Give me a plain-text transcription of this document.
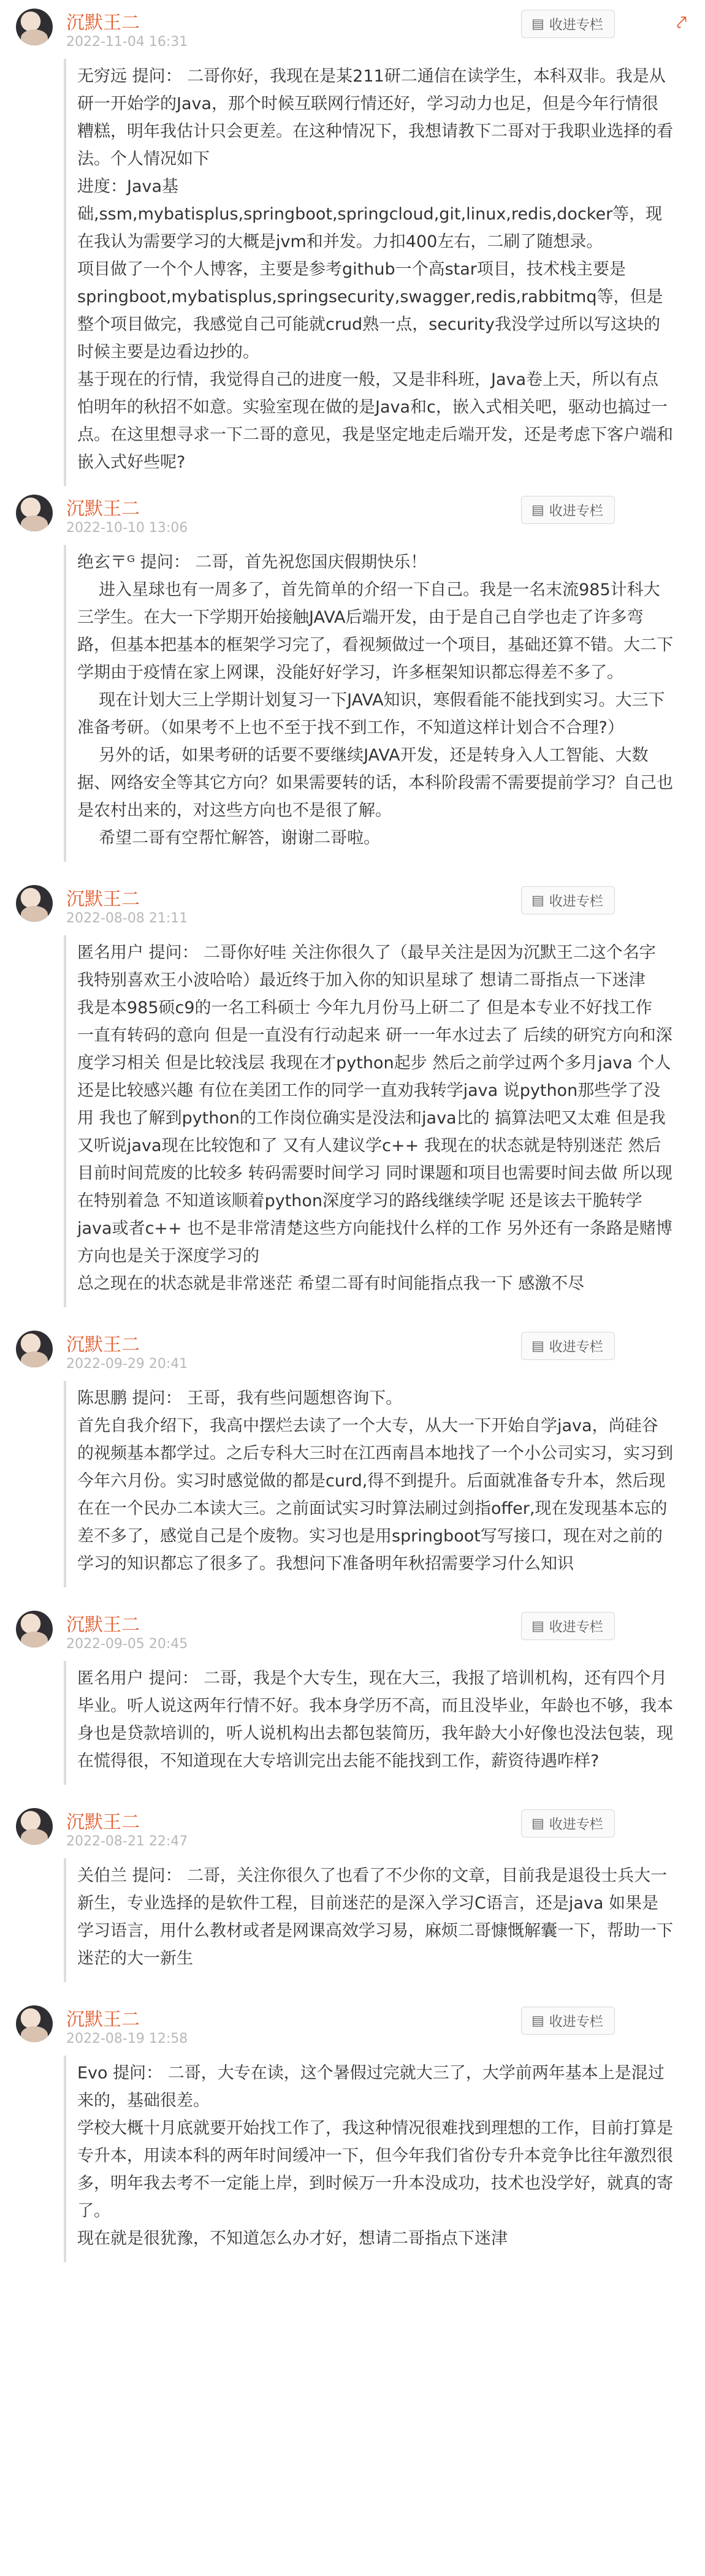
沉默王二
2022-11-04 16:31
▤ 收进专栏	⤤

无穷远 提问： 二哥你好，我现在是某211研二通信在读学生，本科双非。我是从研一开始学的Java，那个时候互联网行情还好，学习动力也足，但是今年行情很糟糕，明年我估计只会更差。在这种情况下，我想请教下二哥对于我职业选择的看法。个人情况如下

进度：Java基础,ssm,mybatisplus,springboot,springcloud,git,linux,redis,docker等，现在我认为需要学习的大概是jvm和并发。力扣400左右，二刷了随想录。

项目做了一个个人博客，主要是参考github一个高star项目，技术栈主要是springboot,mybatisplus,springsecurity,swagger,redis,rabbitmq等，但是整个项目做完，我感觉自己可能就crud熟一点，security我没学过所以写这块的时候主要是边看边抄的。

基于现在的行情，我觉得自己的进度一般，又是非科班，Java卷上天，所以有点怕明年的秋招不如意。实验室现在做的是Java和c，嵌入式相关吧，驱动也搞过一点。在这里想寻求一下二哥的意见，我是坚定地走后端开发，还是考虑下客户端和嵌入式好些呢?

沉默王二
2022-10-10 13:06
▤ 收进专栏

绝玄〒ᴳ 提问： 二哥，首先祝您国庆假期快乐！

进入星球也有一周多了，首先简单的介绍一下自己。我是一名末流985计科大三学生。在大一下学期开始接触JAVA后端开发，由于是自己自学也走了许多弯路，但基本把基本的框架学习完了，看视频做过一个项目，基础还算不错。大二下学期由于疫情在家上网课，没能好好学习，许多框架知识都忘得差不多了。

现在计划大三上学期计划复习一下JAVA知识，寒假看能不能找到实习。大三下准备考研。（如果考不上也不至于找不到工作，不知道这样计划合不合理?）

另外的话，如果考研的话要不要继续JAVA开发，还是转身入人工智能、大数据、网络安全等其它方向？如果需要转的话，本科阶段需不需要提前学习？自己也是农村出来的，对这些方向也不是很了解。

希望二哥有空帮忙解答，谢谢二哥啦。

沉默王二
2022-08-08 21:11
▤ 收进专栏

匿名用户 提问： 二哥你好哇 关注你很久了（最早关注是因为沉默王二这个名字 我特别喜欢王小波哈哈）最近终于加入你的知识星球了 想请二哥指点一下迷津

我是本985硕c9的一名工科硕士 今年九月份马上研二了 但是本专业不好找工作 一直有转码的意向 但是一直没有行动起来 研一一年水过去了 后续的研究方向和深度学习相关 但是比较浅层 我现在才python起步 然后之前学过两个多月java 个人还是比较感兴趣 有位在美团工作的同学一直劝我转学java 说python那些学了没用 我也了解到python的工作岗位确实是没法和java比的 搞算法吧又太难 但是我又听说java现在比较饱和了 又有人建议学c++ 我现在的状态就是特别迷茫 然后目前时间荒废的比较多 转码需要时间学习 同时课题和项目也需要时间去做 所以现在特别着急 不知道该顺着python深度学习的路线继续学呢 还是该去干脆转学java或者c++ 也不是非常清楚这些方向能找什么样的工作 另外还有一条路是赌博 方向也是关于深度学习的

总之现在的状态就是非常迷茫 希望二哥有时间能指点我一下 感激不尽

沉默王二
2022-09-29 20:41
▤ 收进专栏

陈思鹏 提问： 王哥，我有些问题想咨询下。

首先自我介绍下，我高中摆烂去读了一个大专，从大一下开始自学java，尚硅谷的视频基本都学过。之后专科大三时在江西南昌本地找了一个小公司实习，实习到今年六月份。实习时感觉做的都是curd,得不到提升。后面就准备专升本，然后现在在一个民办二本读大三。之前面试实习时算法刷过剑指offer,现在发现基本忘的差不多了，感觉自己是个废物。实习也是用springboot写写接口，现在对之前的学习的知识都忘了很多了。我想问下准备明年秋招需要学习什么知识

沉默王二
2022-09-05 20:45
▤ 收进专栏

匿名用户 提问： 二哥，我是个大专生，现在大三，我报了培训机构，还有四个月毕业。听人说这两年行情不好。我本身学历不高，而且没毕业，年龄也不够，我本身也是贷款培训的，听人说机构出去都包装简历，我年龄大小好像也没法包装，现在慌得很，不知道现在大专培训完出去能不能找到工作，薪资待遇咋样?

沉默王二
2022-08-21 22:47
▤ 收进专栏

关伯兰 提问： 二哥，关注你很久了也看了不少你的文章，目前我是退役士兵大一新生，专业选择的是软件工程，目前迷茫的是深入学习C语言，还是java 如果是学习语言，用什么教材或者是网课高效学习易，麻烦二哥慷慨解囊一下，帮助一下迷茫的大一新生

沉默王二
2022-08-19 12:58
▤ 收进专栏

Evo 提问： 二哥，大专在读，这个暑假过完就大三了，大学前两年基本上是混过来的，基础很差。

学校大概十月底就要开始找工作了，我这种情况很难找到理想的工作，目前打算是专升本，用读本科的两年时间缓冲一下，但今年我们省份专升本竞争比往年激烈很多，明年我去考不一定能上岸，到时候万一升本没成功，技术也没学好，就真的寄了。

现在就是很犹豫，不知道怎么办才好，想请二哥指点下迷津
